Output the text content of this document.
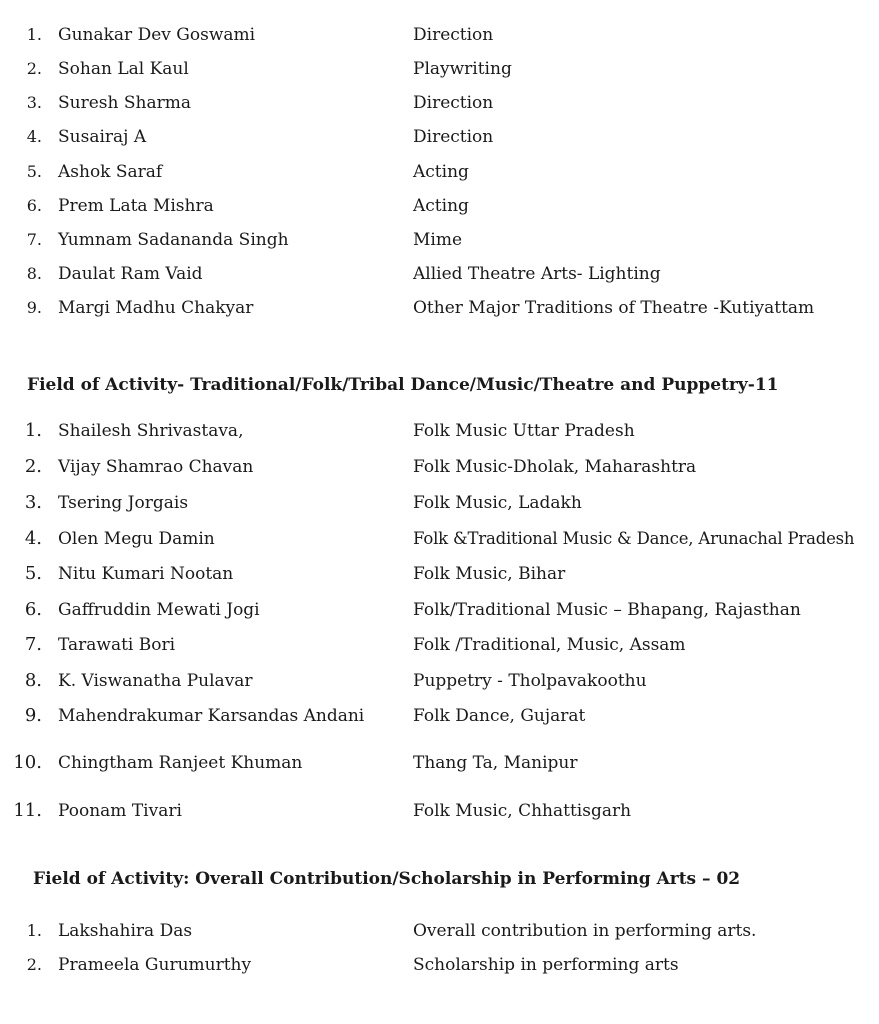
1. Gunakar Dev Goswami	Direction
2. Sohan Lal Kaul	Playwriting
3. Suresh Sharma	Direction
4. Susairaj A	Direction
5. Ashok Saraf	Acting
6. Prem Lata Mishra	Acting
7. Yumnam Sadananda Singh	Mime
8. Daulat Ram Vaid	Allied Theatre Arts- Lighting
9. Margi Madhu Chakyar	Other Major Traditions of Theatre -Kutiyattam
Field of Activity- Traditional/Folk/Tribal Dance/Music/Theatre and Puppetry-11
1. Shailesh Shrivastava,	Folk Music Uttar Pradesh
2. Vijay Shamrao Chavan	Folk Music-Dholak, Maharashtra
3. Tsering Jorgais	Folk Music, Ladakh
4. Olen Megu Damin	Folk &Traditional Music & Dance, Arunachal Pradesh
5. Nitu Kumari Nootan	Folk Music, Bihar
6. Gaffruddin Mewati Jogi	Folk/Traditional Music – Bhapang, Rajasthan
7. Tarawati Bori	Folk /Traditional, Music, Assam
8. K. Viswanatha Pulavar	Puppetry - Tholpavakoothu
9. Mahendrakumar Karsandas Andani	Folk Dance, Gujarat
10. Chingtham Ranjeet Khuman	Thang Ta, Manipur
11. Poonam Tivari	Folk Music, Chhattisgarh
Field of Activity: Overall Contribution/Scholarship in Performing Arts – 02
1. Lakshahira Das	Overall contribution in performing arts.
2. Prameela Gurumurthy	Scholarship in performing arts
